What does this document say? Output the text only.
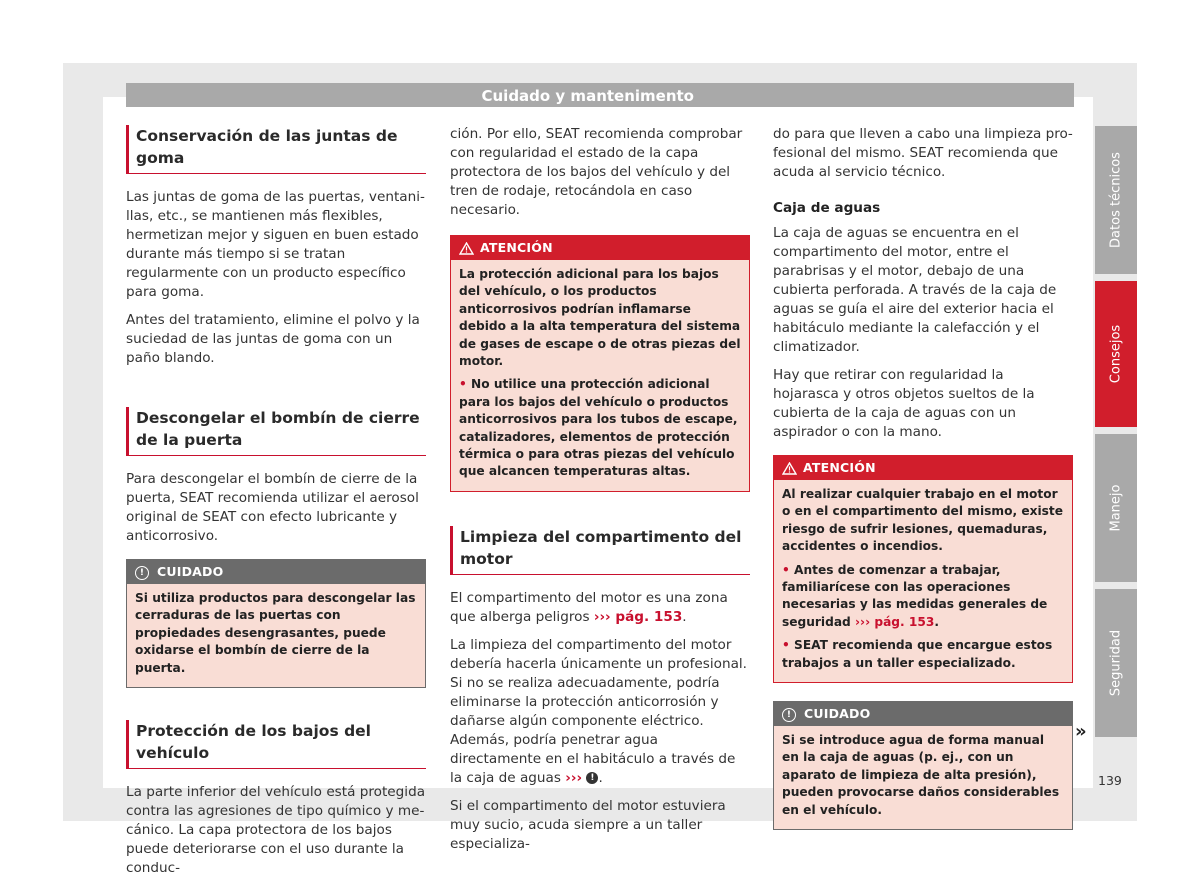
Cuidado y mantenimento
Conservación de las juntas de goma

Las juntas de goma de las puertas, ventanillas, etc., se mantienen más flexibles, hermetizan mejor y siguen en buen estado durante más tiempo si se tratan regularmente con un producto específico para goma.

Antes del tratamiento, elimine el polvo y la suciedad de las juntas de goma con un paño blando.

Descongelar el bombín de cierre de la puerta

Para descongelar el bombín de cierre de la puerta, SEAT recomienda utilizar el aerosol original de SEAT con efecto lubricante y anticorrosivo.

! CUIDADO

Si utiliza productos para descongelar las cerraduras de las puertas con propiedades desengrasantes, puede oxidarse el bombín de cierre de la puerta.

Protección de los bajos del vehículo

La parte inferior del vehículo está protegida contra las agresiones de tipo químico y mecánico. La capa protectora de los bajos puede deteriorarse con el uso durante la conduc-

ción. Por ello, SEAT recomienda comprobar con regularidad el estado de la capa protectora de los bajos del vehículo y del tren de rodaje, retocándola en caso necesario.

ATENCIÓN

La protección adicional para los bajos del vehículo, o los productos anticorrosivos podrían inflamarse debido a la alta temperatura del sistema de gases de escape o de otras piezas del motor.

• No utilice una protección adicional para los bajos del vehículo o productos anticorrosivos para los tubos de escape, catalizadores, elementos de protección térmica o para otras piezas del vehículo que alcancen temperaturas altas.

Limpieza del compartimento del motor

El compartimento del motor es una zona que alberga peligros ››› pág. 153.

La limpieza del compartimento del motor debería hacerla únicamente un profesional. Si no se realiza adecuadamente, podría eliminarse la protección anticorrosión y dañarse algún componente eléctrico. Además, podría penetrar agua directamente en el habitáculo a través de la caja de aguas ››› ! .

Si el compartimento del motor estuviera muy sucio, acuda siempre a un taller especializa-

do para que lleven a cabo una limpieza profesional del mismo. SEAT recomienda que acuda al servicio técnico.

Caja de aguas

La caja de aguas se encuentra en el compartimento del motor, entre el parabrisas y el motor, debajo de una cubierta perforada. A través de la caja de aguas se guía el aire del exterior hacia el habitáculo mediante la calefacción y el climatizador.

Hay que retirar con regularidad la hojarasca y otros objetos sueltos de la cubierta de la caja de aguas con un aspirador o con la mano.

ATENCIÓN

Al realizar cualquier trabajo en el motor o en el compartimento del mismo, existe riesgo de sufrir lesiones, quemaduras, accidentes o incendios.

• Antes de comenzar a trabajar, familiarícese con las operaciones necesarias y las medidas generales de seguridad ››› pág. 153.

• SEAT recomienda que encargue estos trabajos a un taller especializado.

! CUIDADO

Si se introduce agua de forma manual en la caja de aguas (p. ej., con un aparato de limpieza de alta presión), pueden provocarse daños considerables en el vehículo.

»
Datos técnicos
Consejos
Manejo
Seguridad
139
